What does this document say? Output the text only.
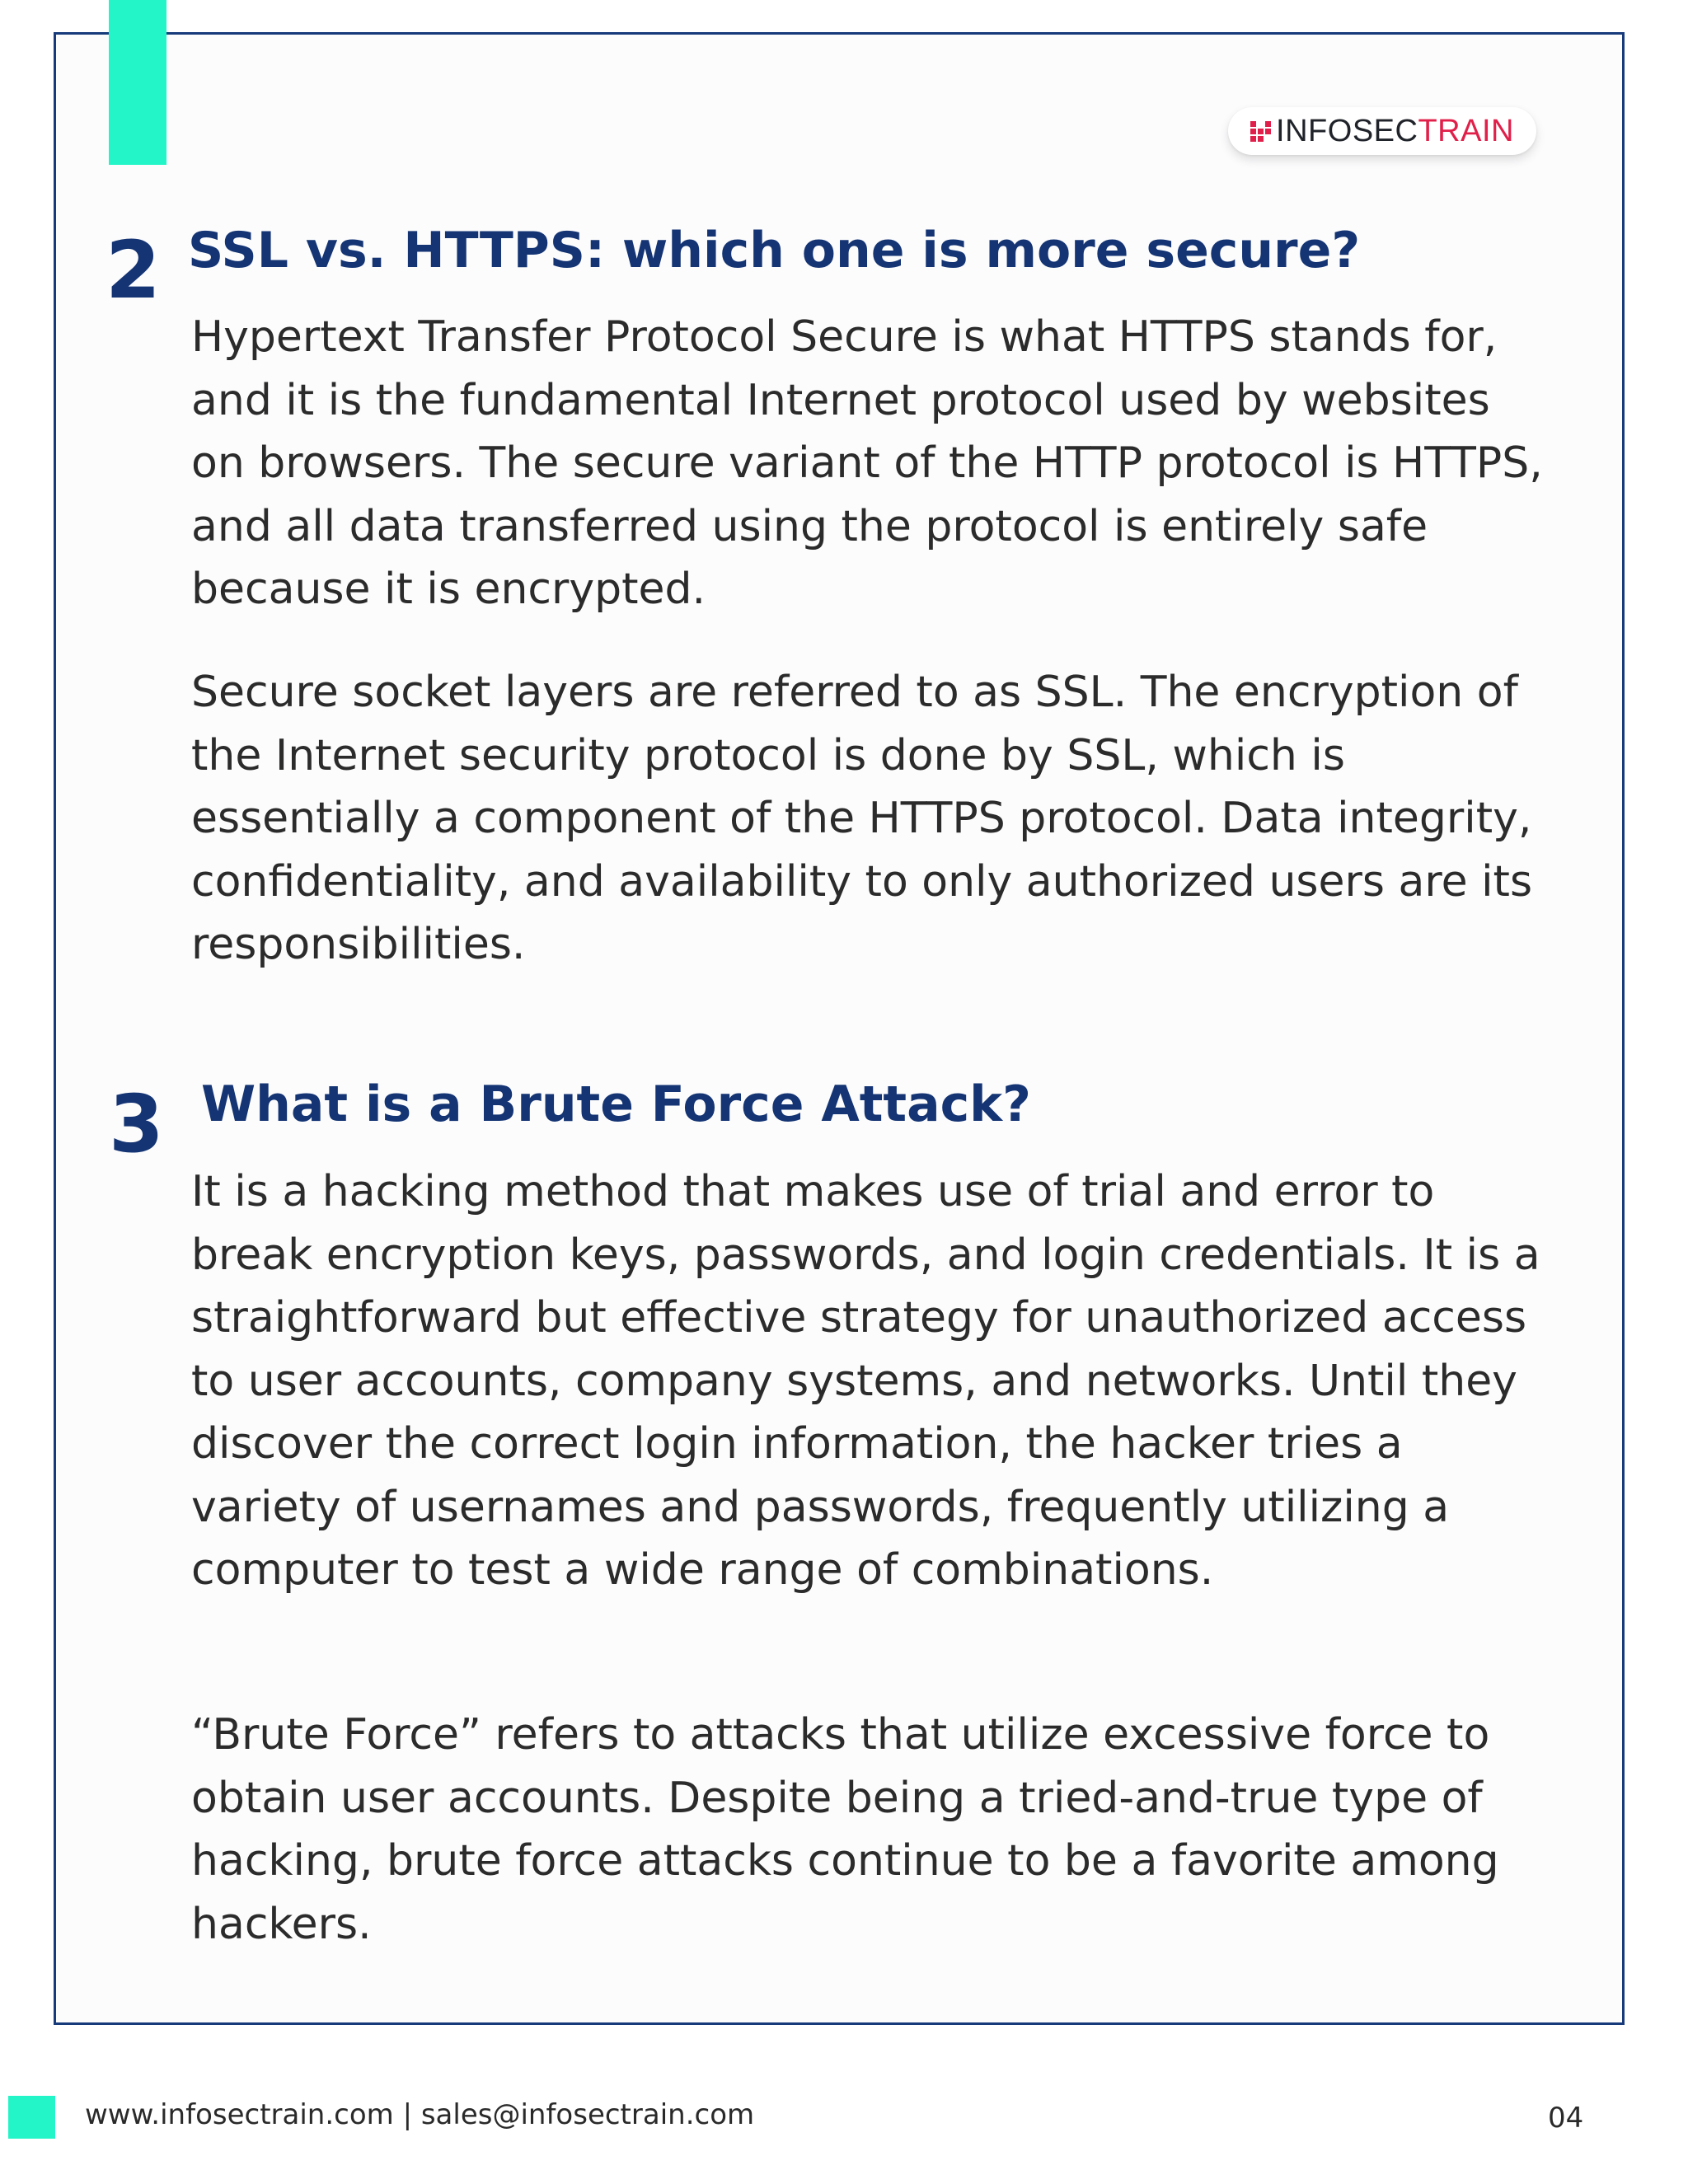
INFOSECTRAIN
2 SSL vs. HTTPS: which one is more secure?

Hypertext Transfer Protocol Secure is what HTTPS stands for, and it is the fundamental Internet protocol used by websites on browsers. The secure variant of the HTTP protocol is HTTPS, and all data transferred using the protocol is entirely safe because it is encrypted.

Secure socket layers are referred to as SSL. The encryption of the Internet security protocol is done by SSL, which is essentially a component of the HTTPS protocol. Data integrity, confidentiality, and availability to only authorized users are its responsibilities.

3 What is a Brute Force Attack?

It is a hacking method that makes use of trial and error to break encryption keys, passwords, and login credentials. It is a straightforward but effective strategy for unauthorized access to user accounts, company systems, and networks. Until they discover the correct login information, the hacker tries a variety of usernames and passwords, frequently utilizing a computer to test a wide range of combinations.

“Brute Force” refers to attacks that utilize excessive force to obtain user accounts. Despite being a tried-and-true type of hacking, brute force attacks continue to be a favorite among hackers.

www.infosectrain.com | sales@infosectrain.com	04
